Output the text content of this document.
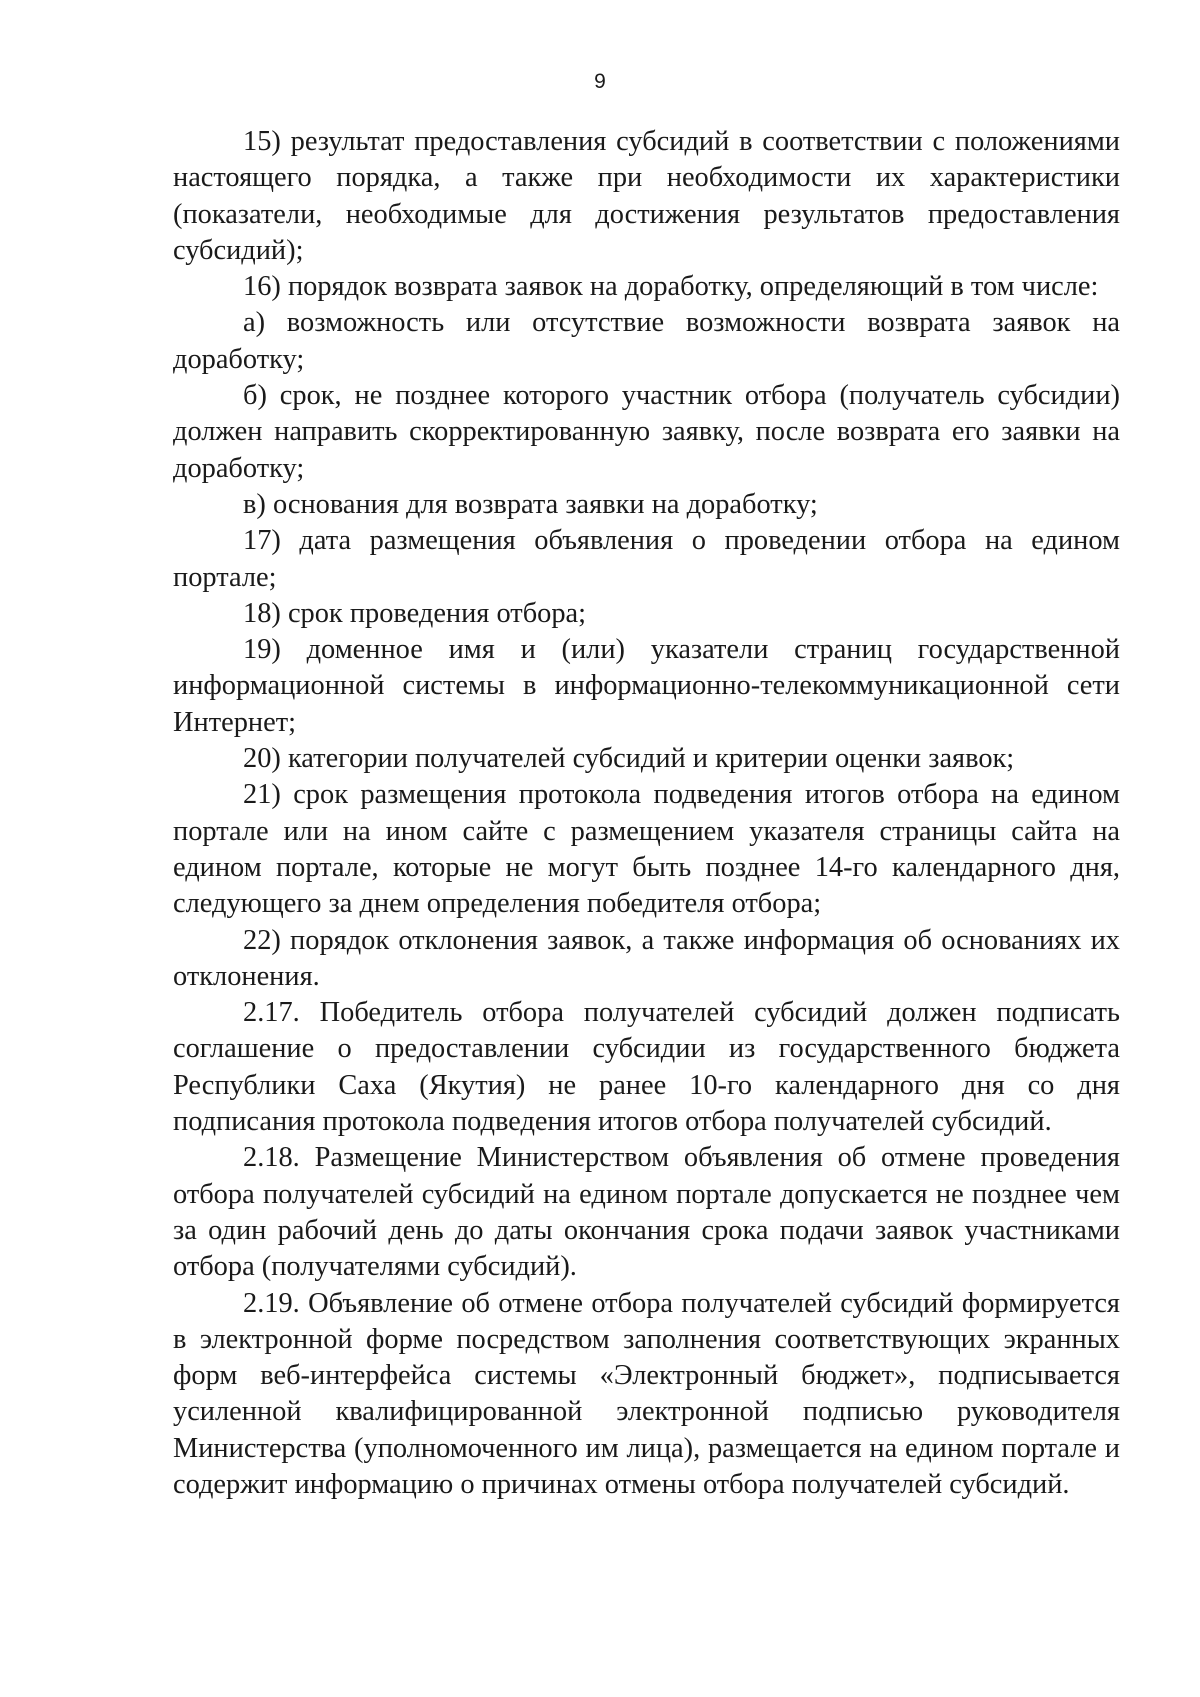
9

15) результат предоставления субсидий в соответствии с положениями настоящего порядка, а также при необходимости их характеристики (показатели, необходимые для достижения результатов предоставления субсидий);

16) порядок возврата заявок на доработку, определяющий в том числе:

а) возможность или отсутствие возможности возврата заявок на доработку;

б) срок, не позднее которого участник отбора (получатель субсидии) должен направить скорректированную заявку, после возврата его заявки на доработку;

в) основания для возврата заявки на доработку;

17) дата размещения объявления о проведении отбора на едином портале;

18) срок проведения отбора;

19) доменное имя и (или) указатели страниц государственной информационной системы в информационно-телекоммуникационной сети Интернет;

20) категории получателей субсидий и критерии оценки заявок;

21) срок размещения протокола подведения итогов отбора на едином портале или на ином сайте с размещением указателя страницы сайта на едином портале, которые не могут быть позднее 14-го календарного дня, следующего за днем определения победителя отбора;

22) порядок отклонения заявок, а также информация об основаниях их отклонения.

2.17. Победитель отбора получателей субсидий должен подписать соглашение о предоставлении субсидии из государственного бюджета Республики Саха (Якутия) не ранее 10-го календарного дня со дня подписания протокола подведения итогов отбора получателей субсидий.

2.18. Размещение Министерством объявления об отмене проведения отбора получателей субсидий на едином портале допускается не позднее чем за один рабочий день до даты окончания срока подачи заявок участниками отбора (получателями субсидий).

2.19. Объявление об отмене отбора получателей субсидий формируется в электронной форме посредством заполнения соответствующих экранных форм веб-интерфейса системы «Электронный бюджет», подписывается усиленной квалифицированной электронной подписью руководителя Министерства (уполномоченного им лица), размещается на едином портале и содержит информацию о причинах отмены отбора получателей субсидий.
